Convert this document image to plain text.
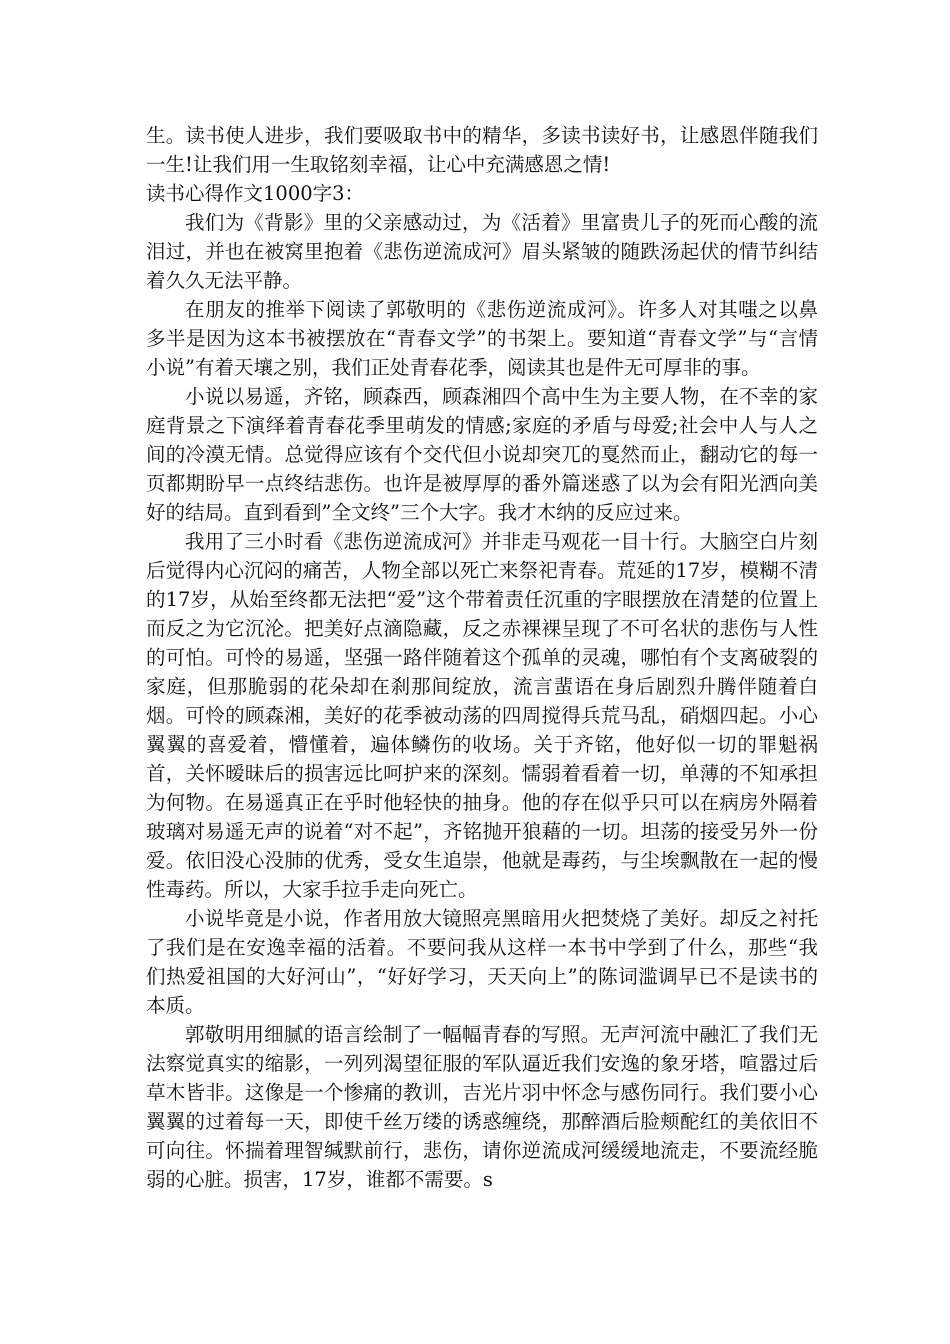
生。读书使人进步，我们要吸取书中的精华，多读书读好书，让感恩伴随我们一生!让我们用一生取铭刻幸福，让心中充满感恩之情!

读书心得作文1000字3：

我们为《背影》里的父亲感动过，为《活着》里富贵儿子的死而心酸的流泪过，并也在被窝里抱着《悲伤逆流成河》眉头紧皱的随跌汤起伏的情节纠结着久久无法平静。

在朋友的推举下阅读了郭敬明的《悲伤逆流成河》。许多人对其嗤之以鼻多半是因为这本书被摆放在“青春文学”的书架上。要知道“青春文学”与“言情小说”有着天壤之别，我们正处青春花季，阅读其也是件无可厚非的事。

小说以易遥，齐铭，顾森西，顾森湘四个高中生为主要人物，在不幸的家庭背景之下演绎着青春花季里萌发的情感;家庭的矛盾与母爱;社会中人与人之间的冷漠无情。总觉得应该有个交代但小说却突兀的戛然而止，翻动它的每一页都期盼早一点终结悲伤。也许是被厚厚的番外篇迷惑了以为会有阳光洒向美好的结局。直到看到”全文终”三个大字。我才木纳的反应过来。

我用了三小时看《悲伤逆流成河》并非走马观花一目十行。大脑空白片刻后觉得内心沉闷的痛苦，人物全部以死亡来祭祀青春。荒延的17岁，模糊不清的17岁，从始至终都无法把“爱”这个带着责任沉重的字眼摆放在清楚的位置上而反之为它沉沦。把美好点滴隐藏，反之赤裸裸呈现了不可名状的悲伤与人性的可怕。可怜的易遥，坚强一路伴随着这个孤单的灵魂，哪怕有个支离破裂的家庭，但那脆弱的花朵却在刹那间绽放，流言蜚语在身后剧烈升腾伴随着白烟。可怜的顾森湘，美好的花季被动荡的四周搅得兵荒马乱，硝烟四起。小心翼翼的喜爱着，懵懂着，遍体鳞伤的收场。关于齐铭，他好似一切的罪魁祸首，关怀暧昧后的损害远比呵护来的深刻。懦弱着看着一切，单薄的不知承担为何物。在易遥真正在乎时他轻快的抽身。他的存在似乎只可以在病房外隔着玻璃对易遥无声的说着“对不起”，齐铭抛开狼藉的一切。坦荡的接受另外一份爱。依旧没心没肺的优秀，受女生追崇，他就是毒药，与尘埃飘散在一起的慢性毒药。所以，大家手拉手走向死亡。

小说毕竟是小说，作者用放大镜照亮黑暗用火把焚烧了美好。却反之衬托了我们是在安逸幸福的活着。不要问我从这样一本书中学到了什么，那些“我们热爱祖国的大好河山”，“好好学习，天天向上”的陈词滥调早已不是读书的本质。

郭敬明用细腻的语言绘制了一幅幅青春的写照。无声河流中融汇了我们无法察觉真实的缩影，一列列渴望征服的军队逼近我们安逸的象牙塔，喧嚣过后草木皆非。这像是一个惨痛的教训，吉光片羽中怀念与感伤同行。我们要小心翼翼的过着每一天，即使千丝万缕的诱惑缠绕，那醉酒后脸颊酡红的美依旧不可向往。怀揣着理智缄默前行，悲伤，请你逆流成河缓缓地流走，不要流经脆弱的心脏。损害，17岁，谁都不需要。s
